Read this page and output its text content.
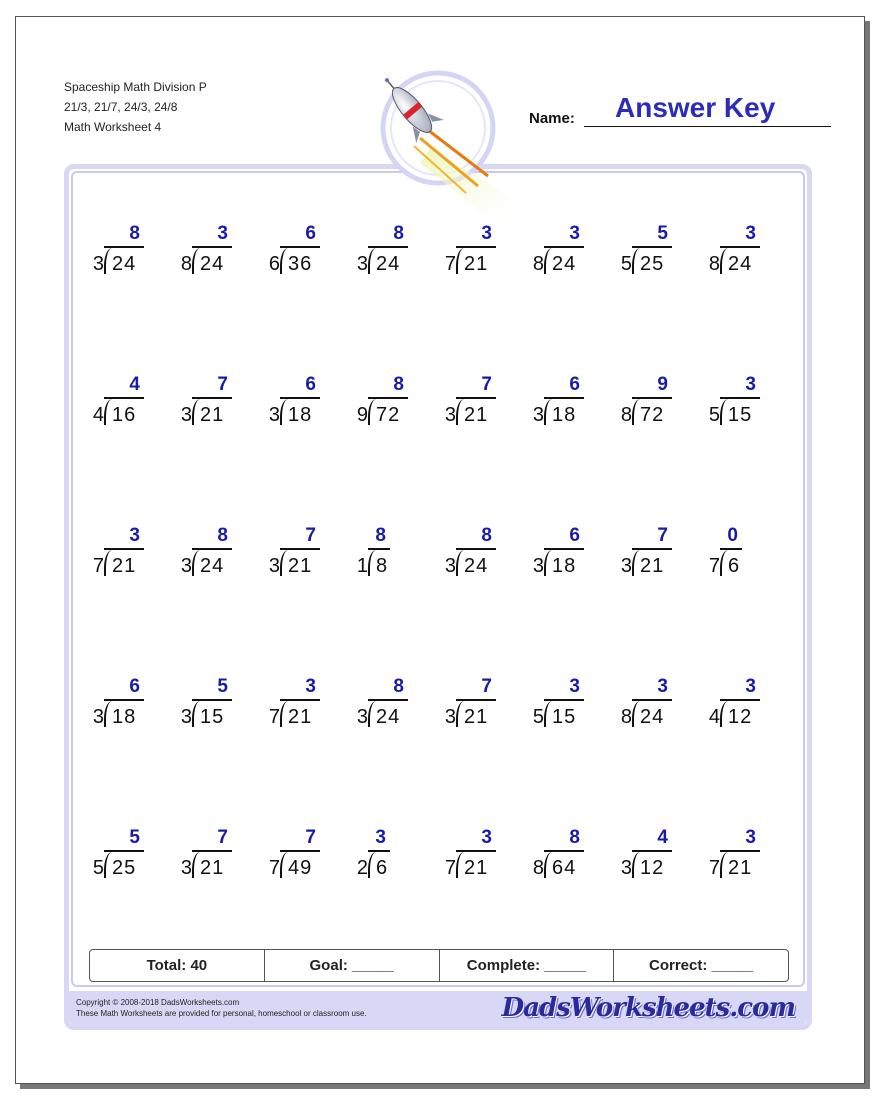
Spaceship Math Division P
21/3, 21/7, 24/3, 24/8
Math Worksheet 4	Name: Answer Key
3 24
8
8 24
3
6 36
6
3 24
8
7 21
3
8 24
3
5 25
5
8 24
3
4 16
4
3 21
7
3 18
6
9 72
8
3 21
7
3 18
6
8 72
9
5 15
3
7 21
3
3 24
8
3 21
7
1 8
8
3 24
8
3 18
6
3 21
7
7 6
0
3 18
6
3 15
5
7 21
3
3 24
8
3 21
7
5 15
3
8 24
3
4 12
3
5 25
5
3 21
7
7 49
7
2 6
3
7 21
3
8 64
8
3 12
4
7 21
3
Total: 40	Goal: _____	Complete: _____	Correct: _____
Copyright © 2008-2018 DadsWorksheets.com
These Math Worksheets are provided for personal, homeschool or classroom use.	DadsWorksheets.com
